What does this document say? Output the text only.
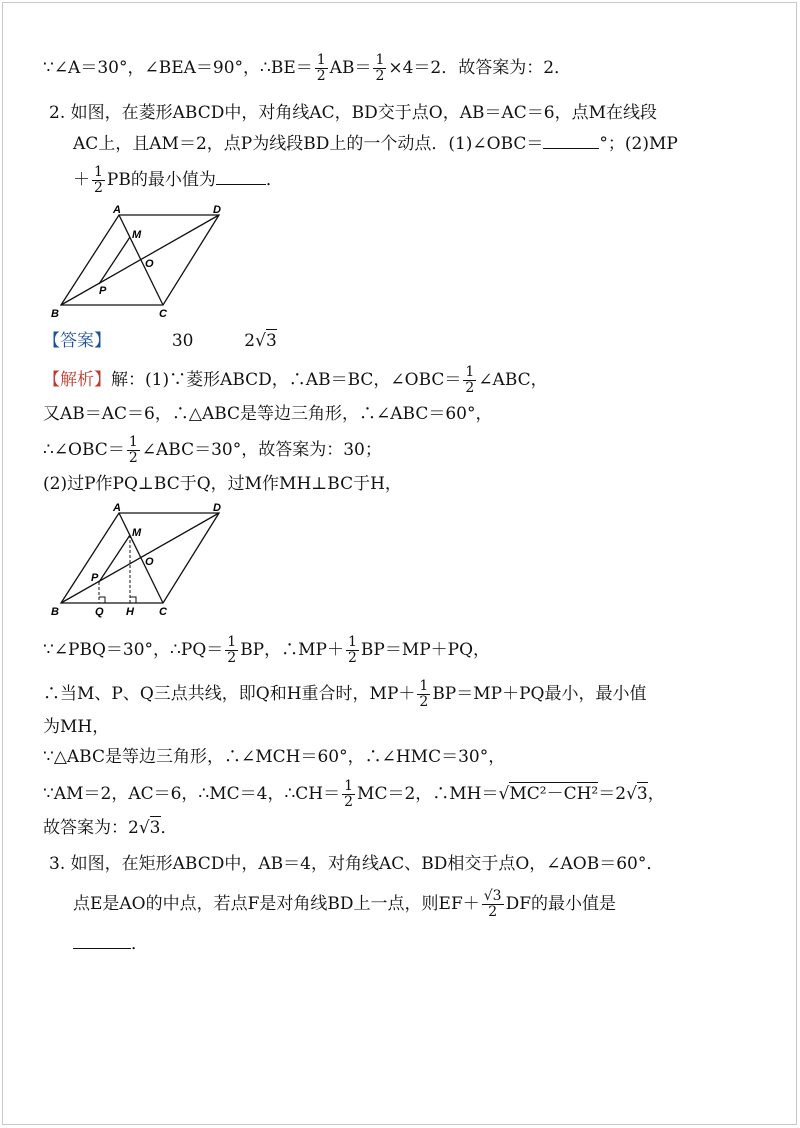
∵∠A＝30°，∠BEA＝90°，∴BE＝ $\frac{1}{2} AB= \frac{1}{2} \times 4=2$．故答案为：2．
2. 如图，在菱形ABCD中，对角线AC，BD交于点O，AB＝AC＝6，点M在线段
AC上，且AM＝2，点P为线段BD上的一个动点．(1)∠OBC＝	°；(2)MP
＋ $\frac{1}{2}$ PB的最小值为	．
A	D
B	C
M
O
P
【答案】	30	2√3
【解析】解：(1)∵菱形ABCD，∴AB＝BC，∠OBC＝ $\frac{1}{2}$ ∠ABC，
又AB＝AC＝6，∴△ABC是等边三角形，∴∠ABC＝60°，
∴∠OBC＝ $\frac{1}{2}$ ∠ABC＝30°，故答案为：30；
(2)过P作PQ⊥BC于Q，过M作MH⊥BC于H，
A	D
B	C
M
O
P
Q H
∵∠PBQ＝30°，∴PQ＝ $\frac{1}{2}$ BP，∴MP＋ $\frac{1}{2} BP=MP+PQ$，
∴当M、P、Q三点共线，即Q和H重合时，$MP+ \frac{1}{2} BP=MP+PQ$最小，最小值
为MH，
∵△ABC是等边三角形，∴∠MCH＝60°，∴∠HMC＝30°，
∵AM＝2，AC＝6，∴MC＝4，∴CH＝ $\frac{1}{2} MC=2$，∴MH＝√MC²－CH²＝2√3，
故答案为：2√3．
3. 如图，在矩形ABCD中，AB＝4，对角线AC、BD相交于点O，∠AOB＝60°．
点E是AO的中点，若点F是对角线BD上一点，则$EF+ \frac{√3}{2}$ DF的最小值是
．
